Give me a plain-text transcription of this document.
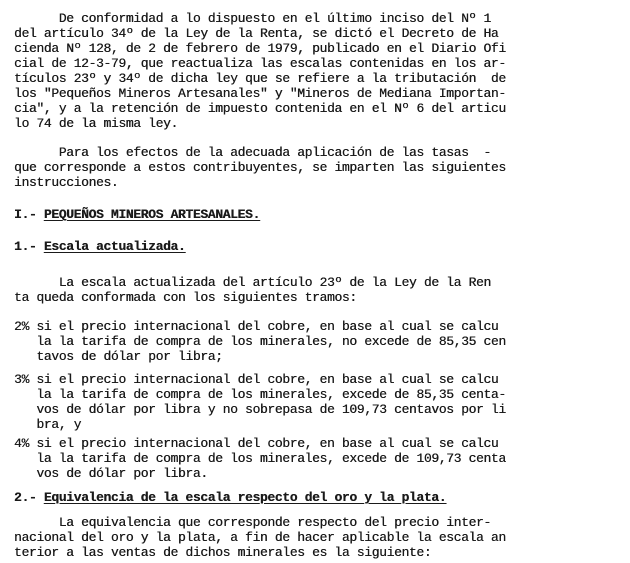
De conformidad a lo dispuesto en el último inciso del Nº 1
del artículo 34º de la Ley de la Renta, se dictó el Decreto de Ha
cienda Nº 128, de 2 de febrero de 1979, publicado en el Diario Ofi
cial de 12-3-79, que reactualiza las escalas contenidas en los ar-
tículos 23º y 34º de dicha ley que se refiere a la tributación  de
los "Pequeños Mineros Artesanales" y "Mineros de Mediana Importan-
cia", y a la retención de impuesto contenida en el Nº 6 del articu
lo 74 de la misma ley.
Para los efectos de la adecuada aplicación de las tasas  -
que corresponde a estos contribuyentes, se imparten las siguientes
instrucciones.
I.- PEQUEÑOS MINEROS ARTESANALES.
1.- Escala actualizada.
La escala actualizada del artículo 23º de la Ley de la Ren
ta queda conformada con los siguientes tramos:
2% si el precio internacional del cobre, en base al cual se calcu
la la tarifa de compra de los minerales, no excede de 85,35 cen
tavos de dólar por libra;
3% si el precio internacional del cobre, en base al cual se calcu
la la tarifa de compra de los minerales, excede de 85,35 centa-
vos de dólar por libra y no sobrepasa de 109,73 centavos por li
bra, y
4% si el precio internacional del cobre, en base al cual se calcu
la la tarifa de compra de los minerales, excede de 109,73 centa
vos de dólar por libra.
2.- Equivalencia de la escala respecto del oro y la plata.
La equivalencia que corresponde respecto del precio inter-
nacional del oro y la plata, a fin de hacer aplicable la escala an
terior a las ventas de dichos minerales es la siguiente:
